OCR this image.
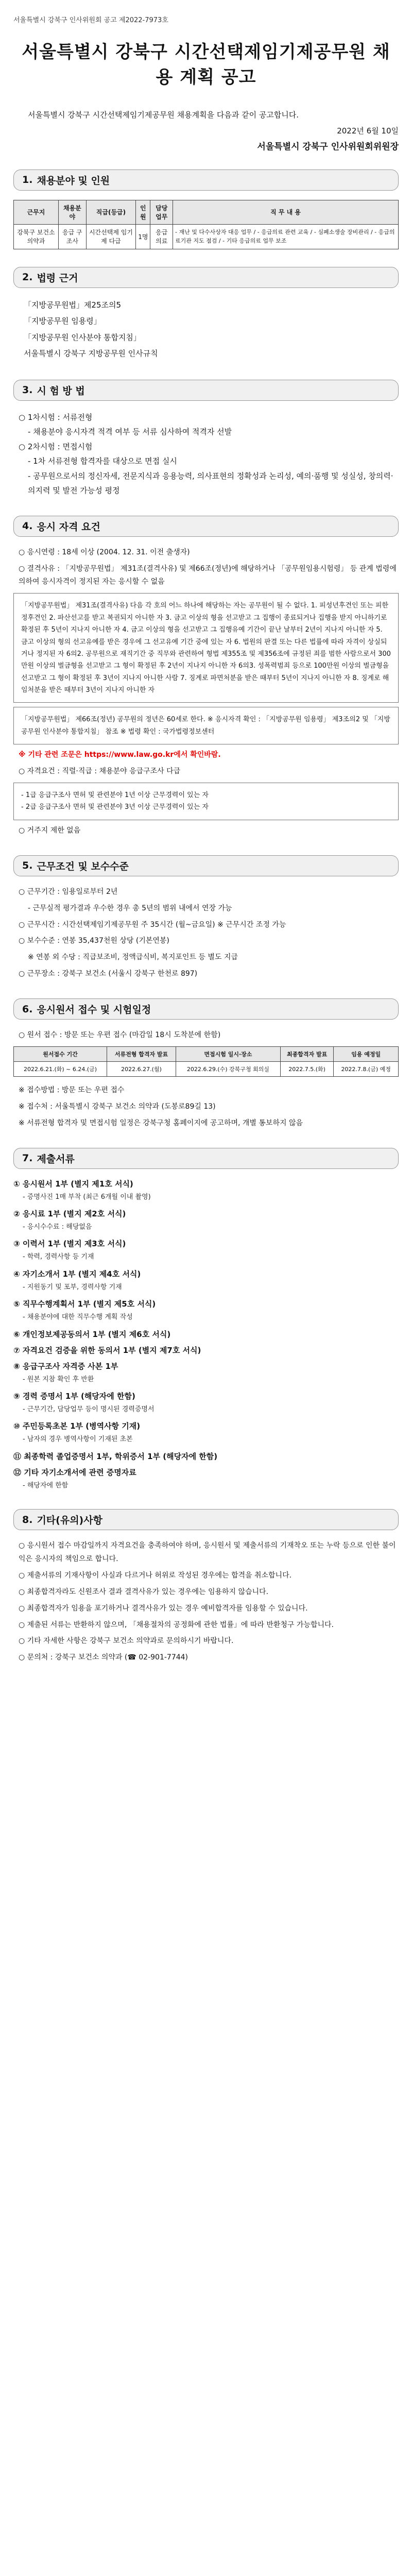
서울특별시 강북구 인사위원회 공고 제2022-7973호
서울특별시 강북구 시간선택제임기제공무원 채용 계획 공고
서울특별시 강북구 시간선택제임기제공무원 채용계획을 다음과 같이 공고합니다.
2022년 6월 10일
서울특별시 강북구 인사위원회위원장
1. 채용분야 및 인원
근무지	채용분야	직급(등급)	인원	담당업무	직 무 내 용
강북구 보건소 의약과	응급 구조사	시간선택제 임기제 다급	1명	응급의료	- 재난 및 다수사상자 대응 업무 / - 응급의료 관련 교육 / - 심폐소생술 장비관리 / - 응급의료기관 지도 점검 / - 기타 응급의료 업무 보조
2. 법령 근거
「지방공무원법」제25조의5
「지방공무원 임용령」
「지방공무원 인사분야 통합지침」
서울특별시 강북구 지방공무원 인사규칙
3. 시 험 방 법
○ 1차시험 : 서류전형
- 채용분야 응시자격 적격 여부 등 서류 심사하여 적격자 선발
○ 2차시험 : 면접시험
- 1차 서류전형 합격자를 대상으로 면접 실시
- 공무원으로서의 정신자세, 전문지식과 응용능력, 의사표현의 정확성과 논리성, 예의·품행 및 성실성, 창의력·의지력 및 발전 가능성 평정
4. 응시 자격 요건
○ 응시연령 : 18세 이상 (2004. 12. 31. 이전 출생자)
○ 결격사유 : 「지방공무원법」 제31조(결격사유) 및 제66조(정년)에 해당하거나 「공무원임용시험령」 등 관계 법령에 의하여 응시자격이 정지된 자는 응시할 수 없음
「지방공무원법」 제31조(결격사유) 다음 각 호의 어느 하나에 해당하는 자는 공무원이 될 수 없다. 1. 피성년후견인 또는 피한정후견인 2. 파산선고를 받고 복권되지 아니한 자 3. 금고 이상의 형을 선고받고 그 집행이 종료되거나 집행을 받지 아니하기로 확정된 후 5년이 지나지 아니한 자 4. 금고 이상의 형을 선고받고 그 집행유예 기간이 끝난 날부터 2년이 지나지 아니한 자 5. 금고 이상의 형의 선고유예를 받은 경우에 그 선고유예 기간 중에 있는 자 6. 법원의 판결 또는 다른 법률에 따라 자격이 상실되거나 정지된 자 6의2. 공무원으로 재직기간 중 직무와 관련하여 형법 제355조 및 제356조에 규정된 죄를 범한 사람으로서 300만원 이상의 벌금형을 선고받고 그 형이 확정된 후 2년이 지나지 아니한 자 6의3. 성폭력범죄 등으로 100만원 이상의 벌금형을 선고받고 그 형이 확정된 후 3년이 지나지 아니한 사람 7. 징계로 파면처분을 받은 때부터 5년이 지나지 아니한 자 8. 징계로 해임처분을 받은 때부터 3년이 지나지 아니한 자
「지방공무원법」 제66조(정년) 공무원의 정년은 60세로 한다. ※ 응시자격 확인 : 「지방공무원 임용령」 제3조의2 및 「지방공무원 인사분야 통합지침」 참조 ※ 법령 확인 : 국가법령정보센터
※ 기타 관련 조문은 https://www.law.go.kr에서 확인바람.
○ 자격요건 : 직렬·직급 : 채용분야 응급구조사 다급
- 1급 응급구조사 면허 및 관련분야 1년 이상 근무경력이 있는 자
- 2급 응급구조사 면허 및 관련분야 3년 이상 근무경력이 있는 자
○ 거주지 제한 없음
5. 근무조건 및 보수수준
○ 근무기간 : 임용일로부터 2년
- 근무실적 평가결과 우수한 경우 총 5년의 범위 내에서 연장 가능
○ 근무시간 : 시간선택제임기제공무원 주 35시간 (월~금요일) ※ 근무시간 조정 가능
○ 보수수준 : 연봉 35,437천원 상당 (기본연봉)
※ 연봉 외 수당 : 직급보조비, 정액급식비, 복지포인트 등 별도 지급
○ 근무장소 : 강북구 보건소 (서울시 강북구 한천로 897)
6. 응시원서 접수 및 시험일정
○ 원서 접수 : 방문 또는 우편 접수 (마감일 18시 도착분에 한함)
원서접수 기간	서류전형 합격자 발표	면접시험 일시·장소	최종합격자 발표	임용 예정일
2022.6.21.(화) ~ 6.24.(금)	2022.6.27.(월)	2022.6.29.(수) 강북구청 회의실	2022.7.5.(화)	2022.7.8.(금) 예정
※ 접수방법 : 방문 또는 우편 접수
※ 접수처 : 서울특별시 강북구 보건소 의약과 (도봉로89길 13)
※ 서류전형 합격자 및 면접시험 일정은 강북구청 홈페이지에 공고하며, 개별 통보하지 않음
7. 제출서류
① 응시원서 1부 (별지 제1호 서식)
- 증명사진 1매 부착 (최근 6개월 이내 촬영)
② 응시료 1부 (별지 제2호 서식)
- 응시수수료 : 해당없음
③ 이력서 1부 (별지 제3호 서식)
- 학력, 경력사항 등 기재
④ 자기소개서 1부 (별지 제4호 서식)
- 지원동기 및 포부, 경력사항 기재
⑤ 직무수행계획서 1부 (별지 제5호 서식)
- 채용분야에 대한 직무수행 계획 작성
⑥ 개인정보제공동의서 1부 (별지 제6호 서식)
⑦ 자격요건 검증을 위한 동의서 1부 (별지 제7호 서식)
⑧ 응급구조사 자격증 사본 1부
- 원본 지참 확인 후 반환
⑨ 경력 증명서 1부 (해당자에 한함)
- 근무기간, 담당업무 등이 명시된 경력증명서
⑩ 주민등록초본 1부 (병역사항 기재)
- 남자의 경우 병역사항이 기재된 초본
⑪ 최종학력 졸업증명서 1부, 학위증서 1부 (해당자에 한함)
⑫ 기타 자기소개서에 관련 증명자료
- 해당자에 한함
8. 기타(유의)사항
○ 응시원서 접수 마감일까지 자격요건을 충족하여야 하며, 응시원서 및 제출서류의 기재착오 또는 누락 등으로 인한 불이익은 응시자의 책임으로 합니다.
○ 제출서류의 기재사항이 사실과 다르거나 허위로 작성된 경우에는 합격을 취소합니다.
○ 최종합격자라도 신원조사 결과 결격사유가 있는 경우에는 임용하지 않습니다.
○ 최종합격자가 임용을 포기하거나 결격사유가 있는 경우 예비합격자를 임용할 수 있습니다.
○ 제출된 서류는 반환하지 않으며, 「채용절차의 공정화에 관한 법률」에 따라 반환청구 가능합니다.
○ 기타 자세한 사항은 강북구 보건소 의약과로 문의하시기 바랍니다.
○ 문의처 : 강북구 보건소 의약과 (☎ 02-901-7744)
